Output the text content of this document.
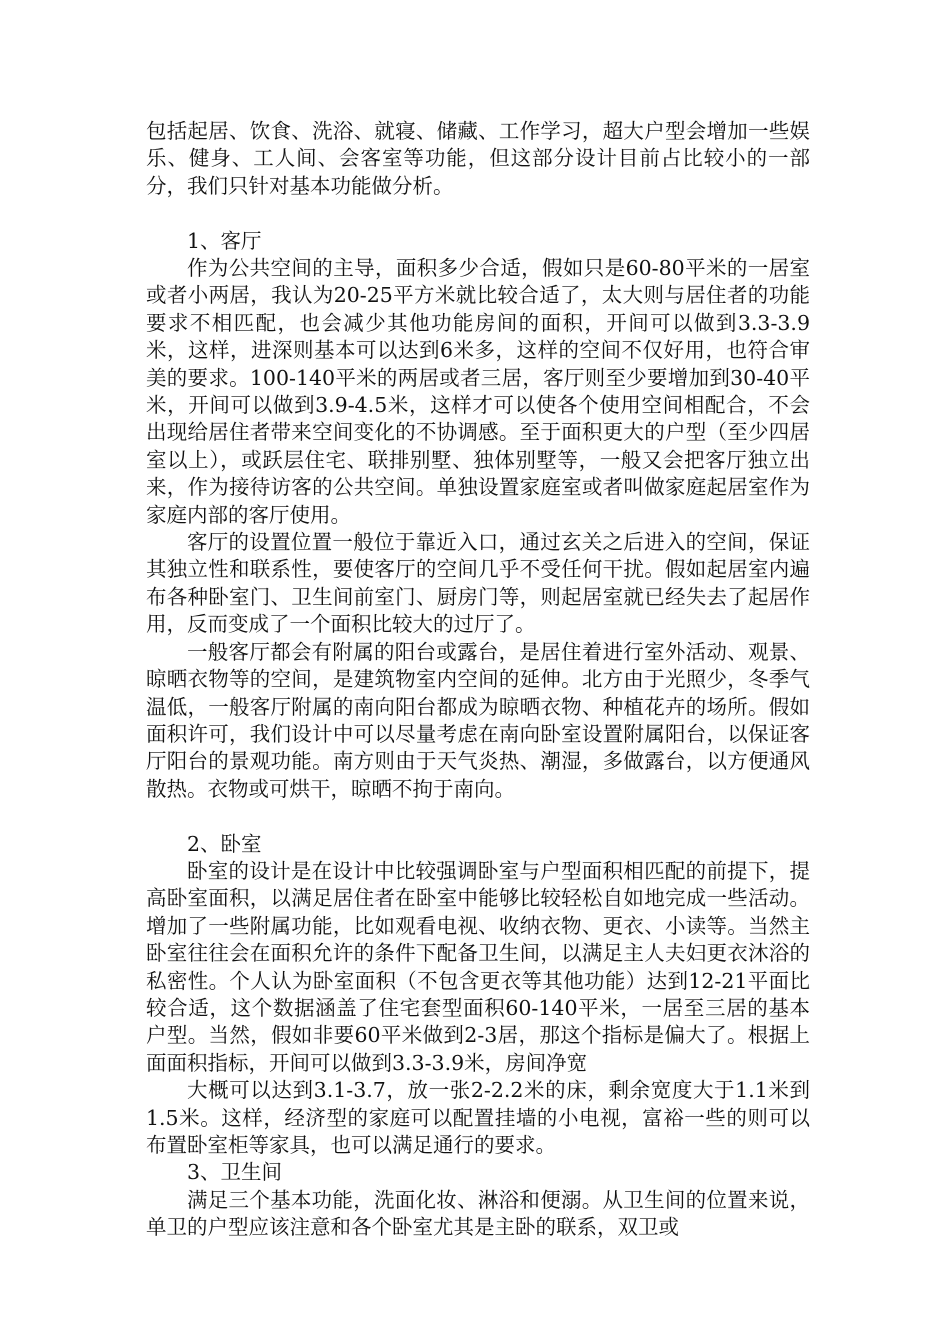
包括起居、饮食、洗浴、就寝、储藏、工作学习，超大户型会增加一些娱乐、健身、工人间、会客室等功能，但这部分设计目前占比较小的一部分，我们只针对基本功能做分析。

1、客厅

作为公共空间的主导，面积多少合适，假如只是60-80平米的一居室或者小两居，我认为20-25平方米就比较合适了，太大则与居住者的功能要求不相匹配，也会减少其他功能房间的面积，开间可以做到3.3-3.9米，这样，进深则基本可以达到6米多，这样的空间不仅好用，也符合审美的要求。100-140平米的两居或者三居，客厅则至少要增加到30-40平米，开间可以做到3.9-4.5米，这样才可以使各个使用空间相配合，不会出现给居住者带来空间变化的不协调感。至于面积更大的户型（至少四居室以上），或跃层住宅、联排别墅、独体别墅等，一般又会把客厅独立出来，作为接待访客的公共空间。单独设置家庭室或者叫做家庭起居室作为家庭内部的客厅使用。

客厅的设置位置一般位于靠近入口，通过玄关之后进入的空间，保证其独立性和联系性，要使客厅的空间几乎不受任何干扰。假如起居室内遍布各种卧室门、卫生间前室门、厨房门等，则起居室就已经失去了起居作用，反而变成了一个面积比较大的过厅了。

一般客厅都会有附属的阳台或露台，是居住着进行室外活动、观景、晾晒衣物等的空间，是建筑物室内空间的延伸。北方由于光照少，冬季气温低，一般客厅附属的南向阳台都成为晾晒衣物、种植花卉的场所。假如面积许可，我们设计中可以尽量考虑在南向卧室设置附属阳台，以保证客厅阳台的景观功能。南方则由于天气炎热、潮湿，多做露台，以方便通风散热。衣物或可烘干，晾晒不拘于南向。

2、卧室

卧室的设计是在设计中比较强调卧室与户型面积相匹配的前提下，提高卧室面积，以满足居住者在卧室中能够比较轻松自如地完成一些活动。增加了一些附属功能，比如观看电视、收纳衣物、更衣、小读等。当然主卧室往往会在面积允许的条件下配备卫生间，以满足主人夫妇更衣沐浴的私密性。个人认为卧室面积（不包含更衣等其他功能）达到12-21平面比较合适，这个数据涵盖了住宅套型面积60-140平米，一居至三居的基本户型。当然，假如非要60平米做到2-3居，那这个指标是偏大了。根据上面面积指标，开间可以做到3.3-3.9米，房间净宽

大概可以达到3.1-3.7，放一张2-2.2米的床，剩余宽度大于1.1米到1.5米。这样，经济型的家庭可以配置挂墙的小电视，富裕一些的则可以布置卧室柜等家具，也可以满足通行的要求。

3、卫生间

满足三个基本功能，洗面化妆、淋浴和便溺。从卫生间的位置来说，单卫的户型应该注意和各个卧室尤其是主卧的联系，双卫或
